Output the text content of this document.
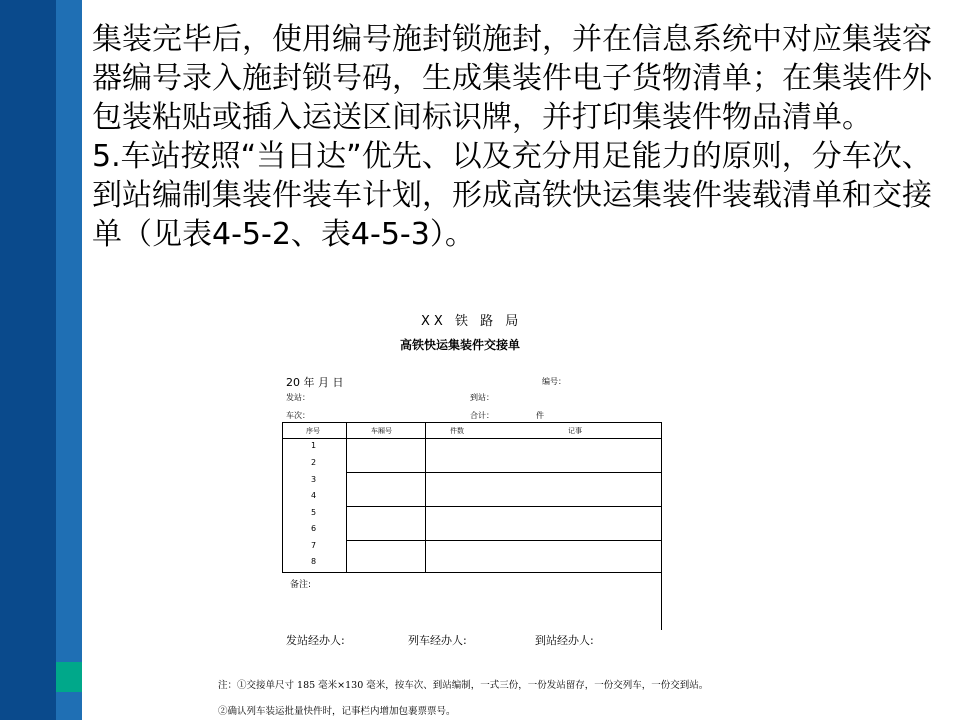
集装完毕后，使用编号施封锁施封，并在信息系统中对应集装容器编号录入施封锁号码，生成集装件电子货物清单；在集装件外包装粘贴或插入运送区间标识牌，并打印集装件物品清单。

5.车站按照“当日达”优先、以及充分用足能力的原则，分车次、到站编制集装件装车计划，形成高铁快运集装件装载清单和交接单（见表4-5-2、表4-5-3）。

XX 铁 路 局
高铁快运集装件交接单
20 年 月 日	编号：
发站：	到站：
车次：	合计：	件
序号	车厢号	件数	记事
1
2
3
4
5
6
7
8
备注:
发站经办人:	列车经办人:	到站经办人:
注：①交接单尺寸 185 毫米×130 毫米，按车次、到站编制，一式三份，一份发站留存，一份交列车，一份交到站。
②确认列车装运批量快件时，记事栏内增加包裹票票号。
